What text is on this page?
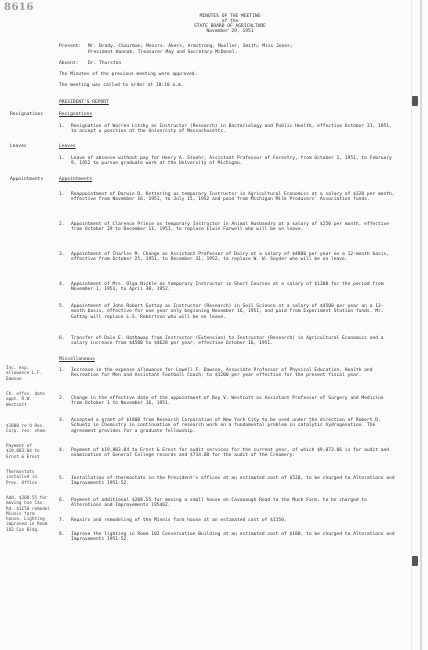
8616
MINUTES OF THE MEETING
of the
STATE BOARD OF AGRICULTURE
November 29, 1951
Present: Mr. Brody, Chairman; Messrs. Akers, Armstrong, Mueller, Smith; Miss Jones;
President Hannah, Treasurer May and Secretary McDonel.
Absent: Dr. Thurston
The Minutes of the previous meeting were approved.
The meeting was called to order at 10:10 a.m.
PRESIDENT'S REPORT
Resignations	Resignations
1. Resignation of Warren Litsky as Instructor (Research) in Bacteriology and Public Health, effective October 31, 1951, to accept a position at the University of Massachusetts.
Leaves	Leaves
1. Leave of absence without pay for Henry A. Stoehr, Assistant Professor of Forestry, from October 1, 1951, to February 9, 1952 to pursue graduate work at the University of Michigan.
Appointments	Appointments
1. Reappointment of Darwin D. Kettering as temporary Instructor in Agricultural Economics at a salary of $320 per month, effective from November 16, 1951, to July 15, 1952 and paid from Michigan Milk Producers' Association funds.
2. Appointment of Clarence Prince as temporary Instructor in Animal Husbandry at a salary of $250 per month, effective from October 29 to December 11, 1951, to replace Elwin Farwell who will be on leave.
3. Appointment of Charles M. Change as Assistant Professor of Dairy at a salary of $4800 per year on a 12-month basis, effective from October 25, 1951, to December 31, 1952, to replace W. W. Snyder who will be on leave.
4. Appointment of Mrs. Olga Nickle as temporary Instructor in Short Courses at a salary of $1300 for the period from November 1, 1951, to April 30, 1952.
5. Appointment of John Robert Guttay as Instructor (Research) in Soil Science at a salary of $4500 per year on a 12-month basis, effective for one year only beginning November 16, 1951, and paid from Experiment Station funds. Mr. Guttay will replace L.S. Robertson who will be on leave.
6. Transfer of Dale E. Hathaway from Instructor (Extension) to Instructor (Research) in Agricultural Economics and a salary increase from $4500 to $4620 per year, effective October 16, 1951.
Miscellaneous
Inc. exp. allowance L.F. Dawson
1. Increase in the expense allowance for Lowell F. Dawson, Associate Professor of Physical Education, Health and Recreation for Men and Assistant Football Coach, to $1200 per year effective for the present fiscal year.
Ch. effec. date appt. R.W. Westcott
2. Change in the effective date of the appointment of Roy V. Westcott as Assistant Professor of Surgery and Medicine from October 1 to November 16, 1951.
$1800 re'd Res. Corp. res. chem.
3. Accepted a grant of $1800 from Research Corporation of New York City to be used under the direction of Robert D. Schuetz in Chemistry in continuation of research work on a fundamental problem in catalytic hydrogenation. The agreement provides for a graduate fellowship.
Payment of $19,803.04 to Ernst & Ernst
4. Payment of $19,803.04 to Ernst & Ernst for audit services for the current year, of which $9,073.06 is for audit and examination of General College records and $734.88 for the audit of the Creamery.
Thermostats installed in Pres. Office
5. Installation of thermostats in the President's offices at an estimated cost of $520, to be charged to Alterations and Improvements 1951-52.
Add. $208.55 for moving hse Cav. Rd. $1150 remodel Minnis farm house. Lighting improved in Room 102 Con Bldg.
6. Payment of additional $208.55 for moving a small house on Cavanaugh Road to the Muck Farm, to be charged to Alterations and Improvements 195462.
7. Repairs and remodeling of the Minnis farm house at an estimated cost of $1150.
8. Improve the lighting in Room 102 Conservation Building at an estimated cost of $180, to be charged to Alterations and Improvements 1951-52.
